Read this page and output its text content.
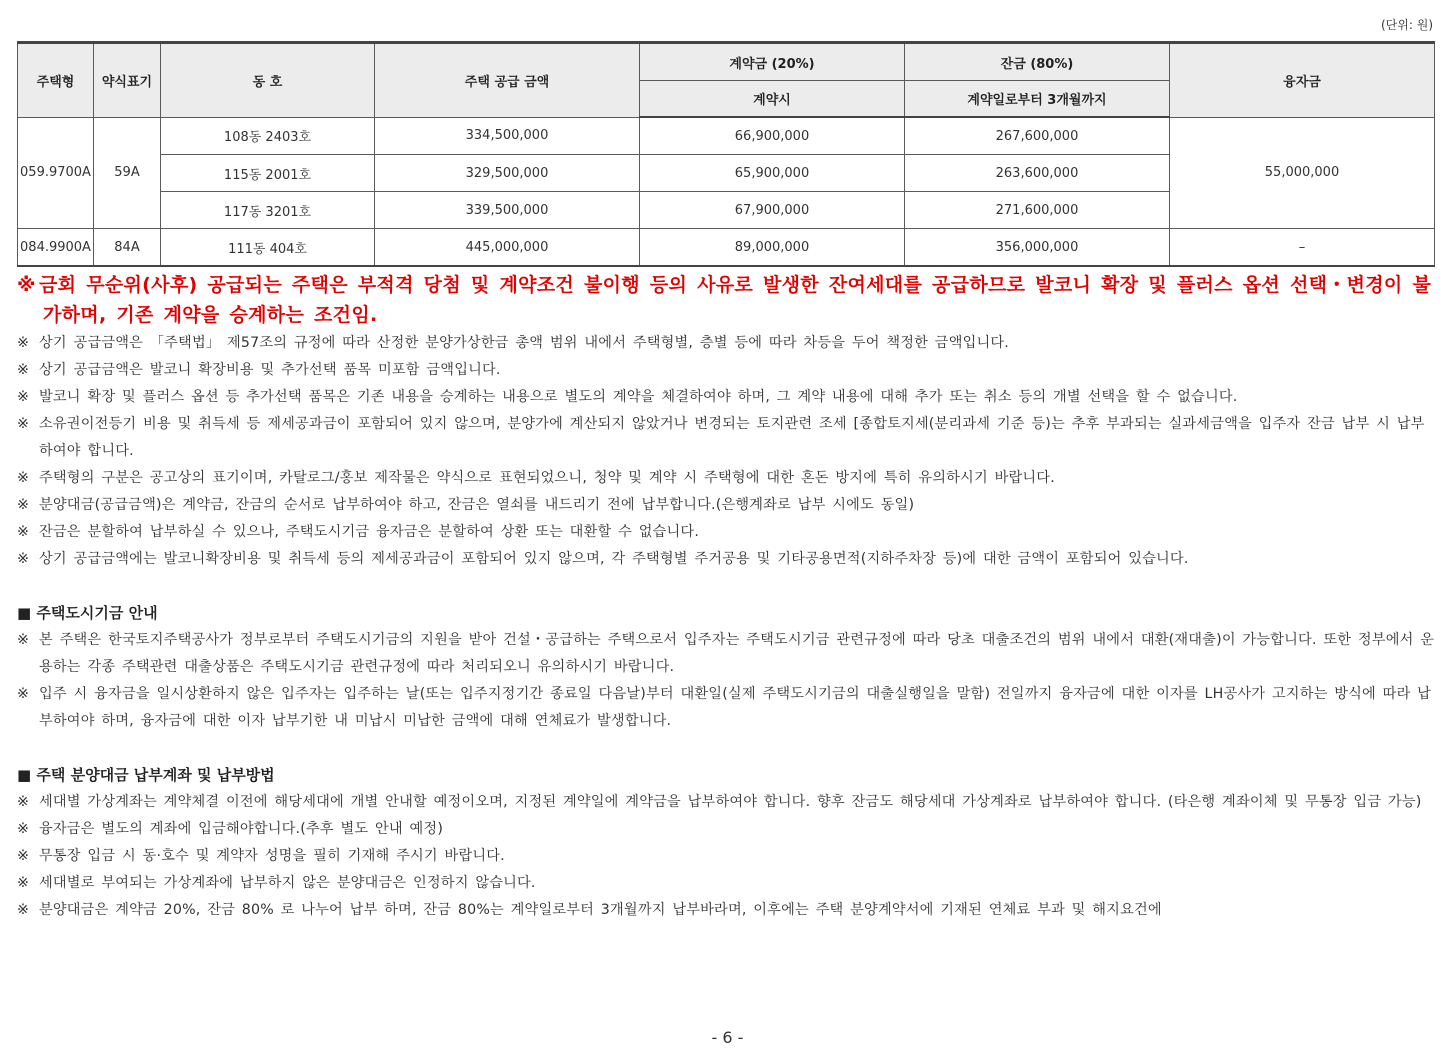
(단위: 원)
주택형	약식표기	동 호	주택 공급 금액	계약금 (20%)	잔금 (80%)	융자금
				계약시	계약일로부터 3개월까지	
059.9700A	59A	108동 2403호	334,500,000	66,900,000	267,600,000	55,000,000
		115동 2001호	329,500,000	65,900,000	263,600,000	
		117동 3201호	339,500,000	67,900,000	271,600,000	
084.9900A	84A	111동 404호	445,000,000	89,000,000	356,000,000	–

※ 금회 무순위(사후) 공급되는 주택은 부적격 당첨 및 계약조건 불이행 등의 사유로 발생한 잔여세대를 공급하므로 발코니 확장 및 플러스 옵션 선택・변경이 불가하며, 기존 계약을 승계하는 조건임.

※ 상기 공급금액은 「주택법」 제57조의 규정에 따라 산정한 분양가상한금 총액 범위 내에서 주택형별, 층별 등에 따라 차등을 두어 책정한 금액입니다.

※ 상기 공급금액은 발코니 확장비용 및 추가선택 품목 미포함 금액입니다.

※ 발코니 확장 및 플러스 옵션 등 추가선택 품목은 기존 내용을 승계하는 내용으로 별도의 계약을 체결하여야 하며, 그 계약 내용에 대해 추가 또는 취소 등의 개별 선택을 할 수 없습니다.

※ 소유권이전등기 비용 및 취득세 등 제세공과금이 포함되어 있지 않으며, 분양가에 계산되지 않았거나 변경되는 토지관련 조세 [종합토지세(분리과세 기준 등)는 추후 부과되는 실과세금액을 입주자 잔금 납부 시 납부하여야 합니다.

※ 주택형의 구분은 공고상의 표기이며, 카탈로그/홍보 제작물은 약식으로 표현되었으니, 청약 및 계약 시 주택형에 대한 혼돈 방지에 특히 유의하시기 바랍니다.

※ 분양대금(공급금액)은 계약금, 잔금의 순서로 납부하여야 하고, 잔금은 열쇠를 내드리기 전에 납부합니다.(은행계좌로 납부 시에도 동일)

※ 잔금은 분할하여 납부하실 수 있으나, 주택도시기금 융자금은 분할하여 상환 또는 대환할 수 없습니다.

※ 상기 공급금액에는 발코니확장비용 및 취득세 등의 제세공과금이 포함되어 있지 않으며, 각 주택형별 주거공용 및 기타공용면적(지하주차장 등)에 대한 금액이 포함되어 있습니다.

■ 주택도시기금 안내

※ 본 주택은 한국토지주택공사가 정부로부터 주택도시기금의 지원을 받아 건설・공급하는 주택으로서 입주자는 주택도시기금 관련규정에 따라 당초 대출조건의 범위 내에서 대환(재대출)이 가능합니다. 또한 정부에서 운용하는 각종 주택관련 대출상품은 주택도시기금 관련규정에 따라 처리되오니 유의하시기 바랍니다.

※ 입주 시 융자금을 일시상환하지 않은 입주자는 입주하는 날(또는 입주지정기간 종료일 다음날)부터 대환일(실제 주택도시기금의 대출실행일을 말함) 전일까지 융자금에 대한 이자를 LH공사가 고지하는 방식에 따라 납부하여야 하며, 융자금에 대한 이자 납부기한 내 미납시 미납한 금액에 대해 연체료가 발생합니다.

■ 주택 분양대금 납부계좌 및 납부방법

※ 세대별 가상계좌는 계약체결 이전에 해당세대에 개별 안내할 예정이오며, 지정된 계약일에 계약금을 납부하여야 합니다. 향후 잔금도 해당세대 가상계좌로 납부하여야 합니다. (타은행 계좌이체 및 무통장 입금 가능)

※ 융자금은 별도의 계좌에 입금해야합니다.(추후 별도 안내 예정)

※ 무통장 입금 시 동·호수 및 계약자 성명을 필히 기재해 주시기 바랍니다.

※ 세대별로 부여되는 가상계좌에 납부하지 않은 분양대금은 인정하지 않습니다.

※ 분양대금은 계약금 20%, 잔금 80% 로 나누어 납부 하며, 잔금 80%는 계약일로부터 3개월까지 납부바라며, 이후에는 주택 분양계약서에 기재된 연체료 부과 및 해지요건에

- 6 -
